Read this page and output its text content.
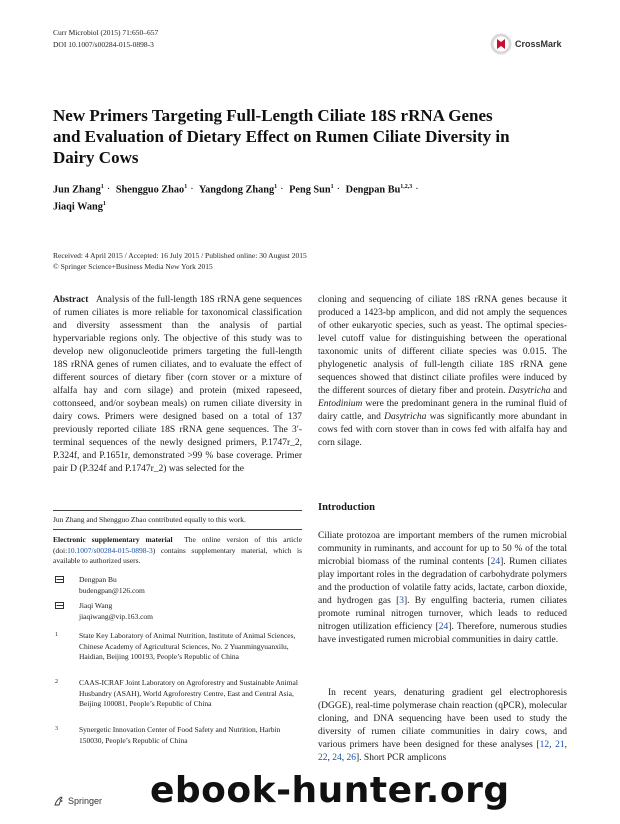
Curr Microbiol (2015) 71:650–657
DOI 10.1007/s00284-015-0898-3	CrossMark
New Primers Targeting Full-Length Ciliate 18S rRNA Genes and Evaluation of Dietary Effect on Rumen Ciliate Diversity in Dairy Cows
Jun Zhang$^1$ · Shengguo Zhao$^1$ · Yangdong Zhang$^1$ · Peng Sun$^1$ · Dengpan Bu$^{1,2,3}$ ·
Jiaqi Wang$^1$
Received: 4 April 2015 / Accepted: 16 July 2015 / Published online: 30 August 2015
© Springer Science+Business Media New York 2015
Abstract Analysis of the full-length 18S rRNA gene sequences of rumen ciliates is more reliable for taxonomical classification and diversity assessment than the analysis of partial hypervariable regions only. The objective of this study was to develop new oligonucleotide primers targeting the full-length 18S rRNA genes of rumen ciliates, and to evaluate the effect of different sources of dietary fiber (corn stover or a mixture of alfalfa hay and corn silage) and protein (mixed rapeseed, cottonseed, and/or soybean meals) on rumen ciliate diversity in dairy cows. Primers were designed based on a total of 137 previously reported ciliate 18S rRNA gene sequences. The 3′-terminal sequences of the newly designed primers, P.1747r_2, P.324f, and P.1651r, demonstrated >99 % base coverage. Primer pair D (P.324f and P.1747r_2) was selected for the
cloning and sequencing of ciliate 18S rRNA genes because it produced a 1423-bp amplicon, and did not amply the sequences of other eukaryotic species, such as yeast. The optimal species-level cutoff value for distinguishing between the operational taxonomic units of different ciliate species was 0.015. The phylogenetic analysis of full-length ciliate 18S rRNA gene sequences showed that distinct ciliate profiles were induced by the different sources of dietary fiber and protein. Dasytricha and Entodinium were the predominant genera in the ruminal fluid of dairy cattle, and Dasytricha was significantly more abundant in cows fed with corn stover than in cows fed with alfalfa hay and corn silage.
Jun Zhang and Shengguo Zhao contributed equally to this work.
Electronic supplementary material The online version of this article (doi:10.1007/s00284-015-0898-3) contains supplementary material, which is available to authorized users.
Dengpan Bu
budengpan@126.com
Jiaqi Wang
jiaqiwang@vip.163.com
1	State Key Laboratory of Animal Nutrition, Institute of Animal Sciences, Chinese Academy of Agricultural Sciences, No. 2 Yuanmingyuanxilu, Haidian, Beijing 100193, People’s Republic of China
2	CAAS-ICRAF Joint Laboratory on Agroforestry and Sustainable Animal Husbandry (ASAH), World Agroforestry Centre, East and Central Asia, Beijing 100081, People’s Republic of China
3	Synergetic Innovation Center of Food Safety and Nutrition, Harbin 150030, People’s Republic of China
Introduction
Ciliate protozoa are important members of the rumen microbial community in ruminants, and account for up to 50 % of the total microbial biomass of the ruminal contents [24]. Rumen ciliates play important roles in the degradation of carbohydrate polymers and the production of volatile fatty acids, lactate, carbon dioxide, and hydrogen gas [3]. By engulfing bacteria, rumen ciliates promote ruminal nitrogen turnover, which leads to reduced nitrogen utilization efficiency [24]. Therefore, numerous studies have investigated rumen microbial communities in dairy cattle.
In recent years, denaturing gradient gel electrophoresis (DGGE), real-time polymerase chain reaction (qPCR), molecular cloning, and DNA sequencing have been used to study the diversity of rumen ciliate communities in dairy cows, and various primers have been designed for these analyses [12, 21, 22, 24, 26]. Short PCR amplicons
Springer ebook-hunter.org
